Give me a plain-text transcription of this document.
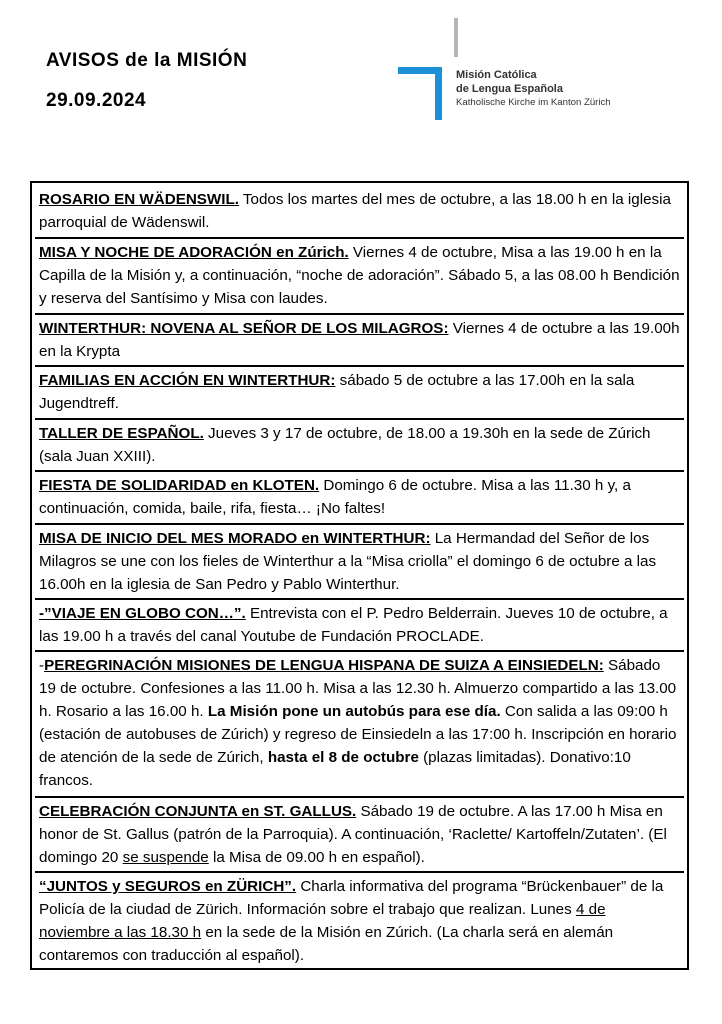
AVISOS de la MISIÓN
29.09.2024
Misión Católica
de Lengua Española
Katholische Kirche im Kanton Zürich
ROSARIO EN WÄDENSWIL. Todos los martes del mes de octubre, a las 18.00 h en la iglesia parroquial de Wädenswil.
MISA Y NOCHE DE ADORACIÓN en Zúrich. Viernes 4 de octubre, Misa a las 19.00 h en la Capilla de la Misión y, a continuación, “noche de adoración”. Sábado 5, a las 08.00 h Bendición y reserva del Santísimo y Misa con laudes.
WINTERTHUR: NOVENA AL SEÑOR DE LOS MILAGROS: Viernes 4 de octubre a las 19.00h en la Krypta
FAMILIAS EN ACCIÓN EN WINTERTHUR: sábado 5 de octubre a las 17.00h en la sala Jugendtreff.
TALLER DE ESPAÑOL. Jueves 3 y 17 de octubre, de 18.00 a 19.30h en la sede de Zúrich (sala Juan XXIII).
FIESTA DE SOLIDARIDAD en KLOTEN. Domingo 6 de octubre. Misa a las 11.30 h y, a continuación, comida, baile, rifa, fiesta… ¡No faltes!
MISA DE INICIO DEL MES MORADO en WINTERTHUR: La Hermandad del Señor de los Milagros se une con los fieles de Winterthur a la “Misa criolla” el domingo 6 de octubre a las 16.00h en la iglesia de San Pedro y Pablo Winterthur.
-”VIAJE EN GLOBO CON…”. Entrevista con el P. Pedro Belderrain. Jueves 10 de octubre, a las 19.00 h a través del canal Youtube de Fundación PROCLADE.
-PEREGRINACIÓN MISIONES DE LENGUA HISPANA DE SUIZA A EINSIEDELN: Sábado 19 de octubre. Confesiones a las 11.00 h. Misa a las 12.30 h. Almuerzo compartido a las 13.00 h. Rosario a las 16.00 h. La Misión pone un autobús para ese día. Con salida a las 09:00 h (estación de autobuses de Zúrich) y regreso de Einsiedeln a las 17:00 h. Inscripción en horario de atención de la sede de Zúrich, hasta el 8 de octubre (plazas limitadas). Donativo:10 francos.
CELEBRACIÓN CONJUNTA en ST. GALLUS. Sábado 19 de octubre. A las 17.00 h Misa en honor de St. Gallus (patrón de la Parroquia). A continuación, ‘Raclette/ Kartoffeln/Zutaten’. (El domingo 20 se suspende la Misa de 09.00 h en español).
“JUNTOS y SEGUROS en ZÜRICH”. Charla informativa del programa “Brückenbauer” de la Policía de la ciudad de Zürich. Información sobre el trabajo que realizan. Lunes 4 de noviembre a las 18.30 h en la sede de la Misión en Zúrich. (La charla será en alemán contaremos con traducción al español).
